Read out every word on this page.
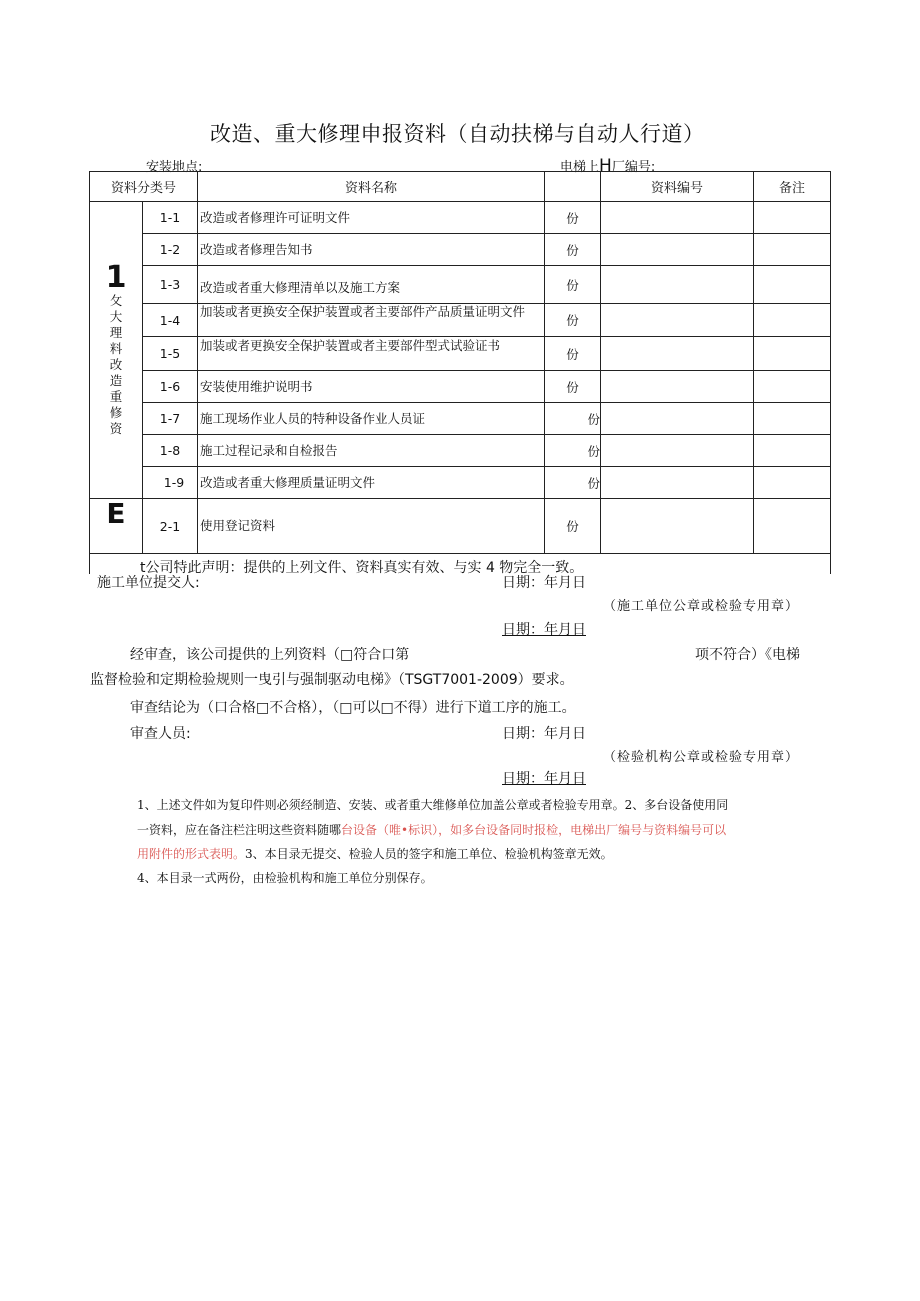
改造、重大修理申报资料（自动扶梯与自动人行道）
安装地点:	电梯上H厂编号:
资料分类号		资料名称		资料编号	备注

1
攵大理料改造重修资	1-1	改造或者修理许可证明文件	份		
	1-2	改造或者修理告知书	份		
	1-3	改造或者重大修理清单以及施工方案	份		
	1-4	加装或者更换安全保护装置或者主要部件产品质量证明文件	份		
	1-5	加装或者更换安全保护装置或者主要部件型式试验证书	份		
	1-6	安装使用维护说明书	份		
	1-7	施工现场作业人员的特种设备作业人员证	份		
	1-8	施工过程记录和自检报告	份		
	1-9	改造或者重大修理质量证明文件	份		

E	2-1	使用登记资料	份		

t公司特此声明：提供的上列文件、资料真实有效、与实 4 物完全一致。					
施工单位提交人:	日期：年月日
（施工单位公章或检验专用章）
日期：年月日
经审查，该公司提供的上列资料（□符合口第	项不符合）《电梯
监督检验和定期检验规则一曳引与强制驱动电梯》（TSGT7001-2009）要求。
审查结论为（口合格□不合格），（□可以□不得）进行下道工序的施工。
审查人员:	日期：年月日
（检验机构公章或检验专用章）
日期：年月日
1、上述文件如为复印件则必须经制造、安装、或者重大维修单位加盖公章或者检验专用章。2、多台设备使用同
一资料，应在备注栏注明这些资料随哪台设备（唯•标识），如多台设备同时报检，电梯出厂编号与资料编号可以
用附件的形式表明。3、本目录无提交、检验人员的签字和施工单位、检验机构签章无效。
4、本目录一式两份，由检验机构和施工单位分别保存。
